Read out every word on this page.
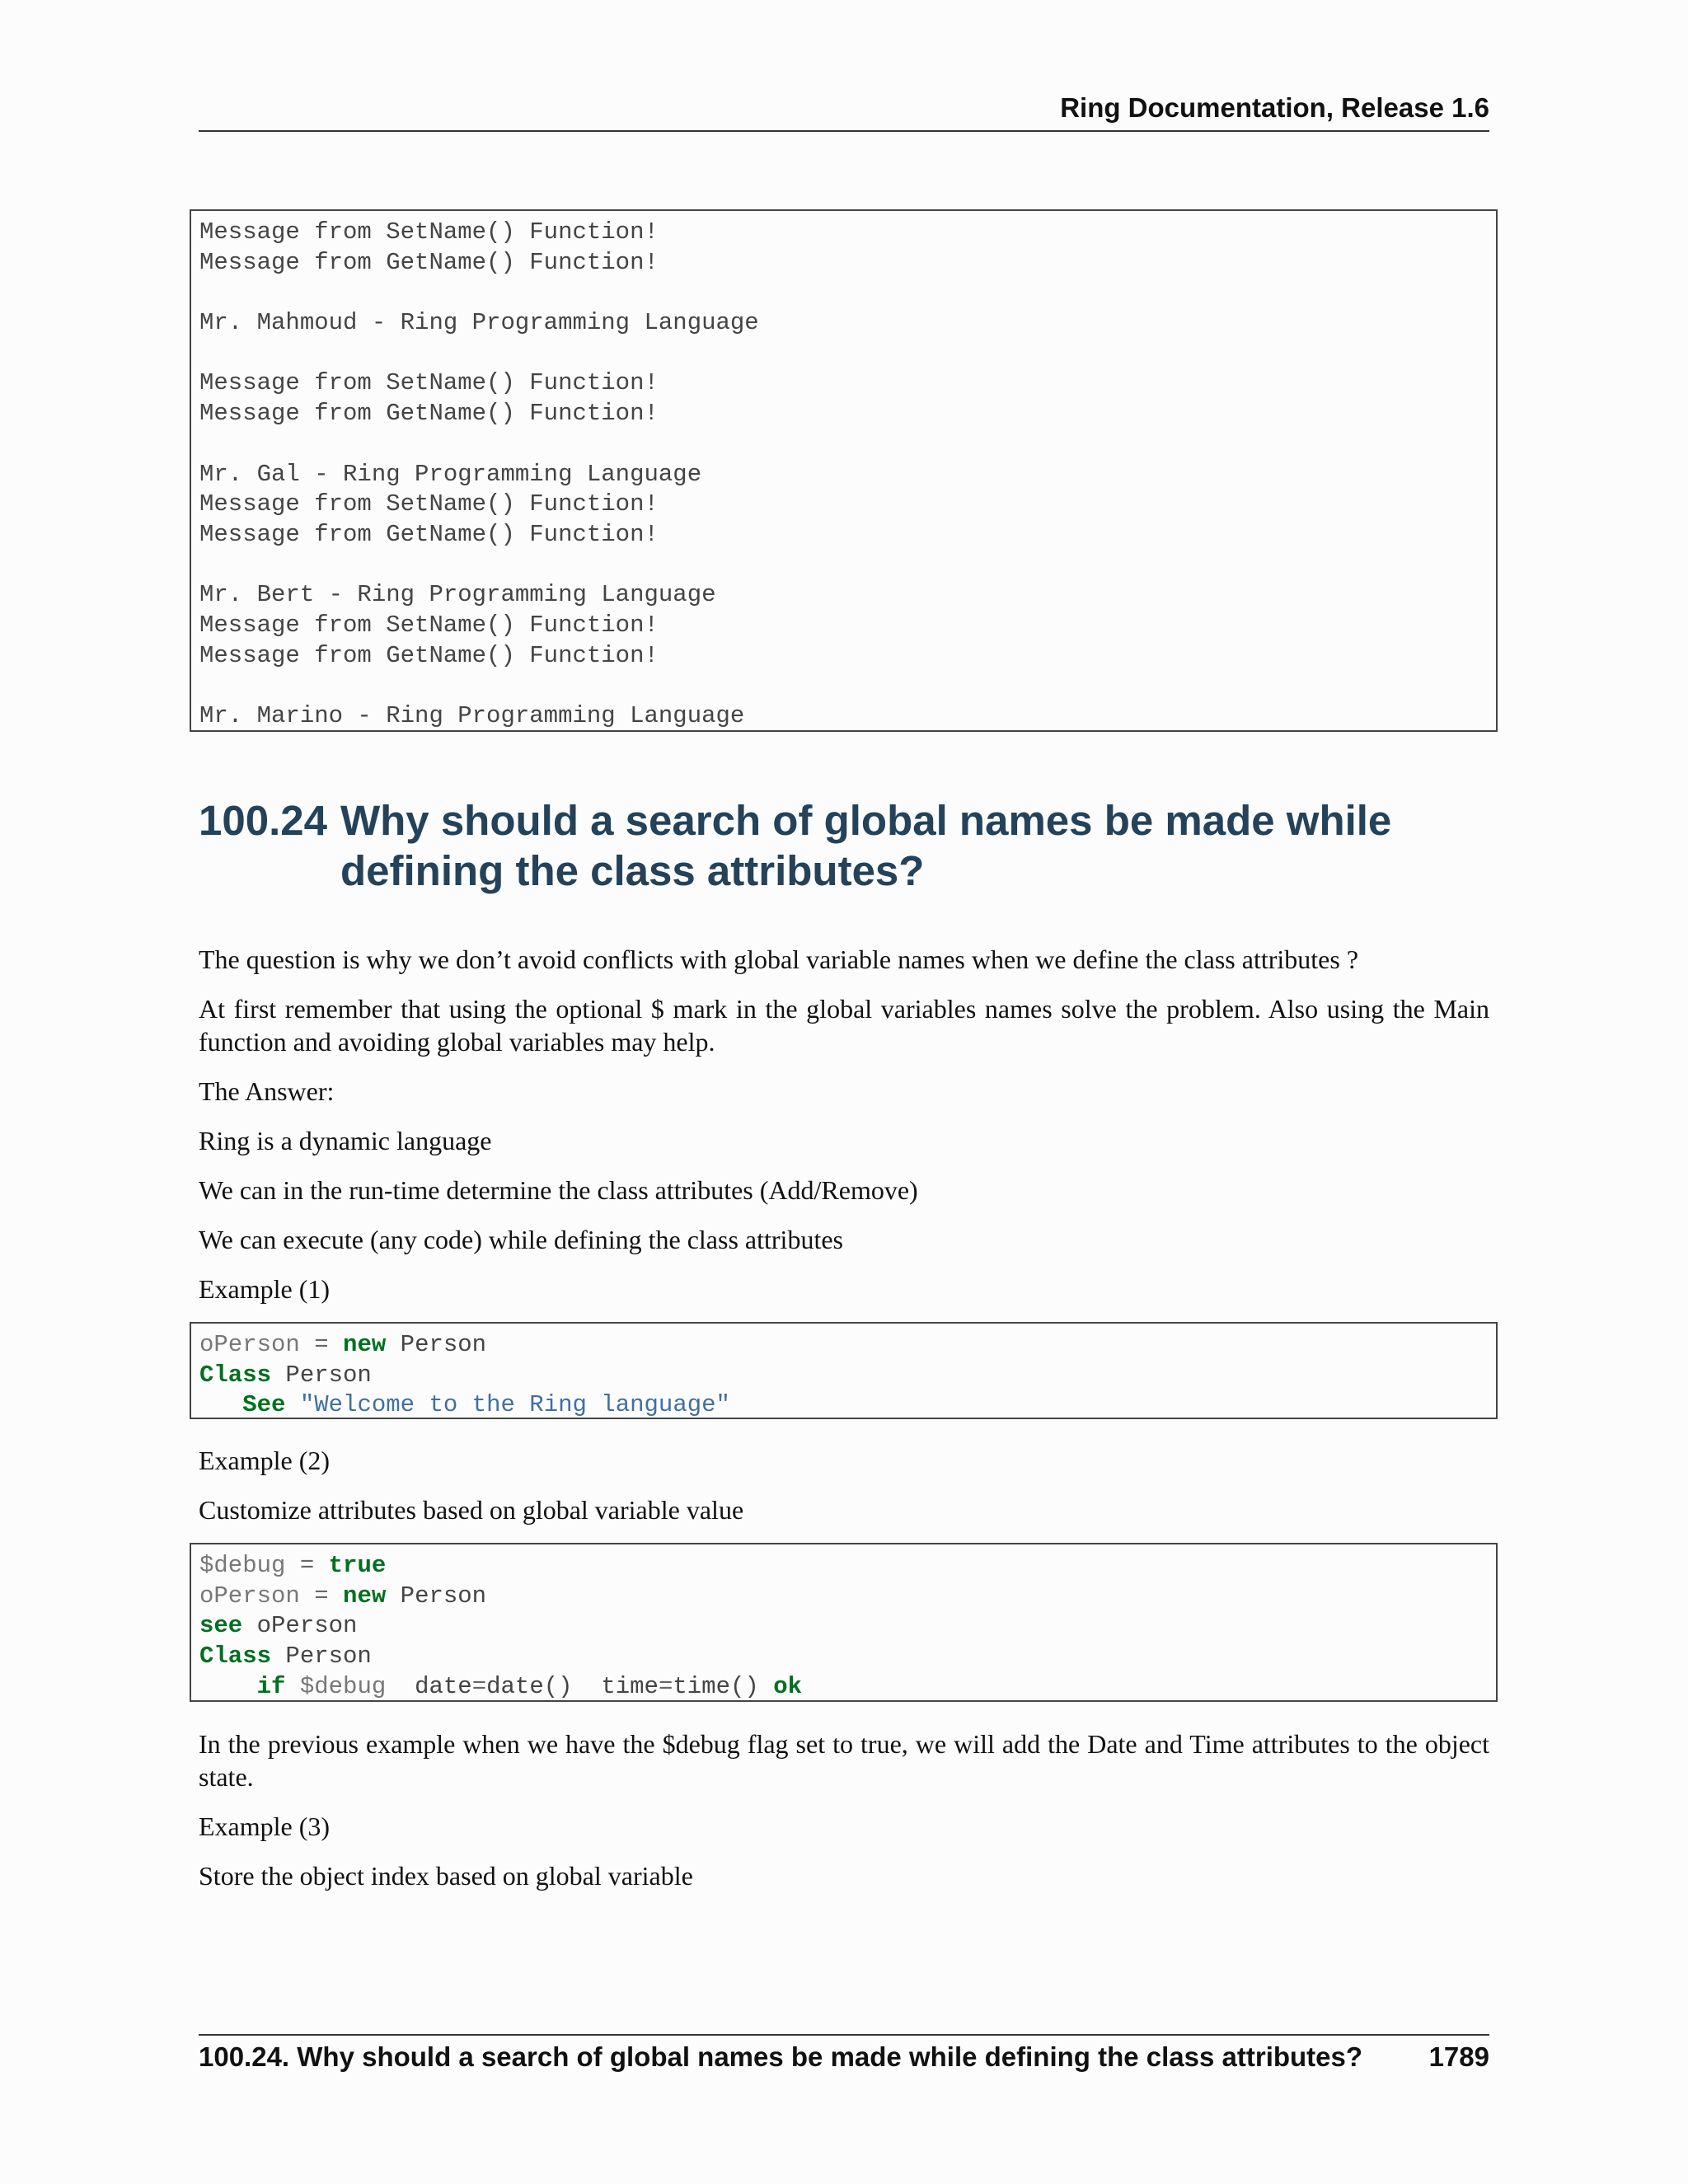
Ring Documentation, Release 1.6
Message from SetName() Function!
Message from GetName() Function!
Mr. Mahmoud - Ring Programming Language
Message from SetName() Function!
Message from GetName() Function!
Mr. Gal - Ring Programming Language
Message from SetName() Function!
Message from GetName() Function!
Mr. Bert - Ring Programming Language
Message from SetName() Function!
Message from GetName() Function!
Mr. Marino - Ring Programming Language
100.24 Why should a search of global names be made while defining the class attributes?

The question is why we don’t avoid conflicts with global variable names when we define the class attributes ?

At first remember that using the optional $ mark in the global variables names solve the problem. Also using the Main function and avoiding global variables may help.

The Answer:

Ring is a dynamic language

We can in the run-time determine the class attributes (Add/Remove)

We can execute (any code) while defining the class attributes

Example (1)

oPerson = new Person
Class Person
See "Welcome to the Ring language"

Example (2)

Customize attributes based on global variable value

$debug = true
oPerson = new Person
see oPerson
Class Person
if $debug date=date() time=time() ok

In the previous example when we have the $debug flag set to true, we will add the Date and Time attributes to the object state.

Example (3)

Store the object index based on global variable

100.24. Why should a search of global names be made while defining the class attributes? 1789
